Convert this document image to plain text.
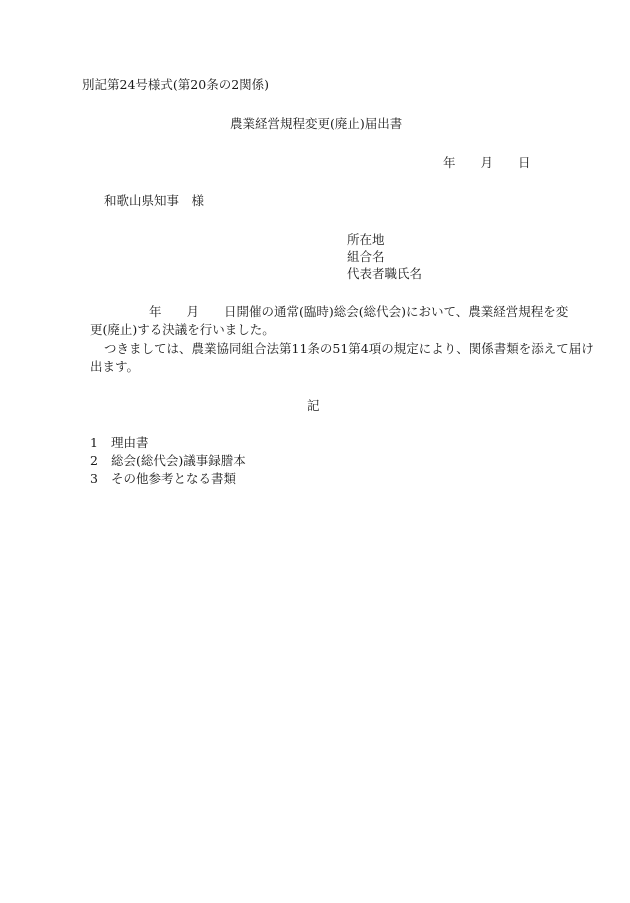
別記第24号様式(第20条の2関係)
農業経営規程変更(廃止)届出書
年　　月　　日
和歌山県知事　様
所在地
組合名
代表者職氏名
年　　月　　日開催の通常(臨時)総会(総代会)において、農業経営規程を変
更(廃止)する決議を行いました。
つきましては、農業協同組合法第11条の51第4項の規定により、関係書類を添えて届け
出ます。
記
1 理由書
2 総会(総代会)議事録謄本
3 その他参考となる書類
